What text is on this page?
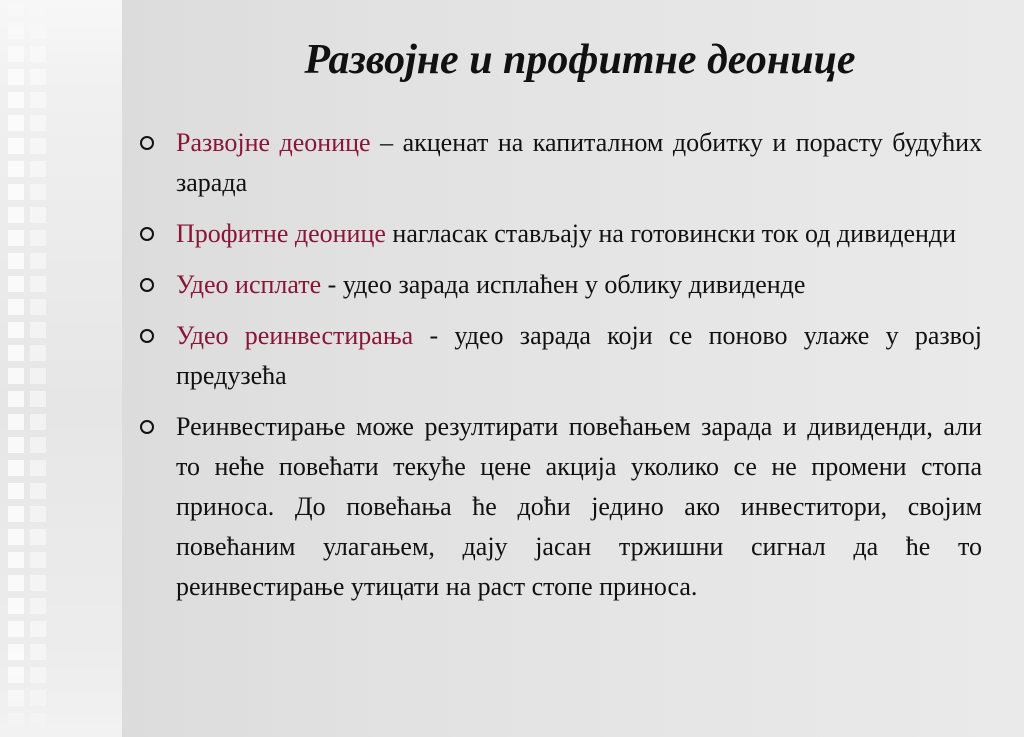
Развојне и профитне деонице
Развојне деонице – акценат на капиталном добитку и порасту будућих зарада
Профитне деонице нагласак стављају на готовински ток од дивиденди
Удео исплате - удео зарада исплаћен у облику дивиденде
Удео реинвестирања - удео зарада који се поново улаже у развој предузећа
Реинвестирање може резултирати повећањем зарада и дивиденди, али то неће повећати текуће цене акција уколико се не промени стопа приноса. До повећања ће доћи једино ако инвеститори, својим повећаним улагањем, дају јасан тржишни сигнал да ће то реинвестирање утицати на раст стопе приноса.
